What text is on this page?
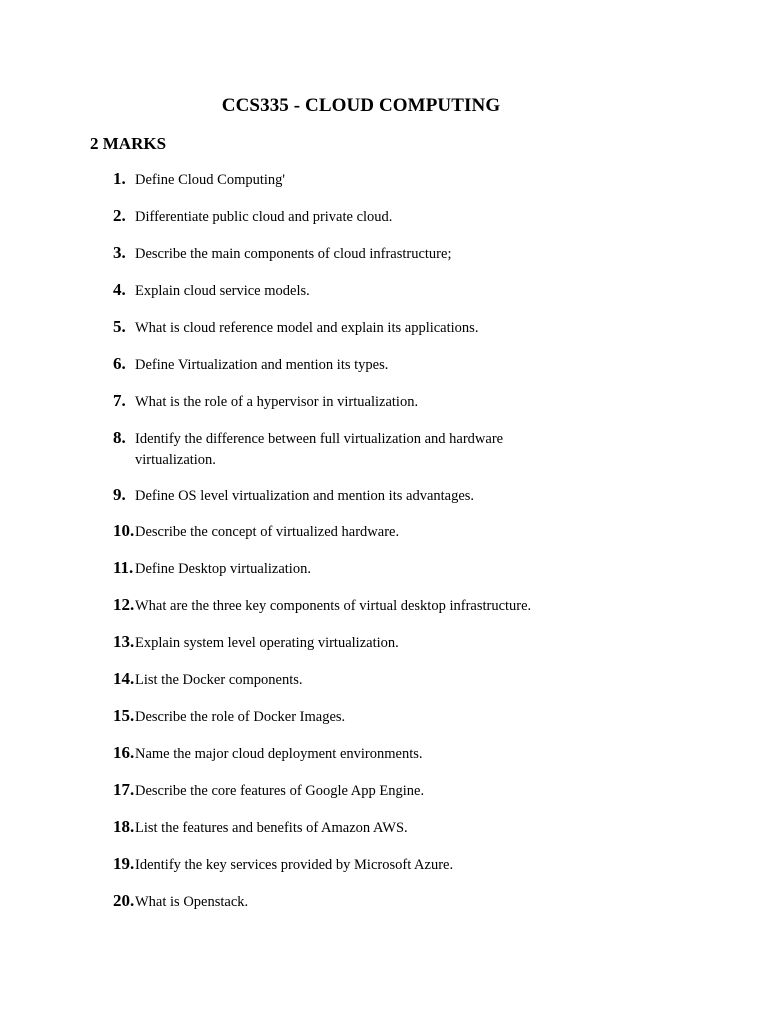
CCS335 - CLOUD COMPUTING
2 MARKS
1. Define Cloud Computing'
2. Differentiate public cloud and private cloud.
3. Describe the main components of cloud infrastructure;
4. Explain cloud service models.
5. What is cloud reference model and explain its applications.
6. Define Virtualization and mention its types.
7. What is the role of a hypervisor in virtualization.
8. Identify the difference between full virtualization and hardware virtualization.
9. Define OS level virtualization and mention its advantages.
10. Describe the concept of virtualized hardware.
11. Define Desktop virtualization.
12. What are the three key components of virtual desktop infrastructure.
13. Explain system level operating virtualization.
14. List the Docker components.
15. Describe the role of Docker Images.
16. Name the major cloud deployment environments.
17. Describe the core features of Google App Engine.
18. List the features and benefits of Amazon AWS.
19. Identify the key services provided by Microsoft Azure.
20. What is Openstack.
